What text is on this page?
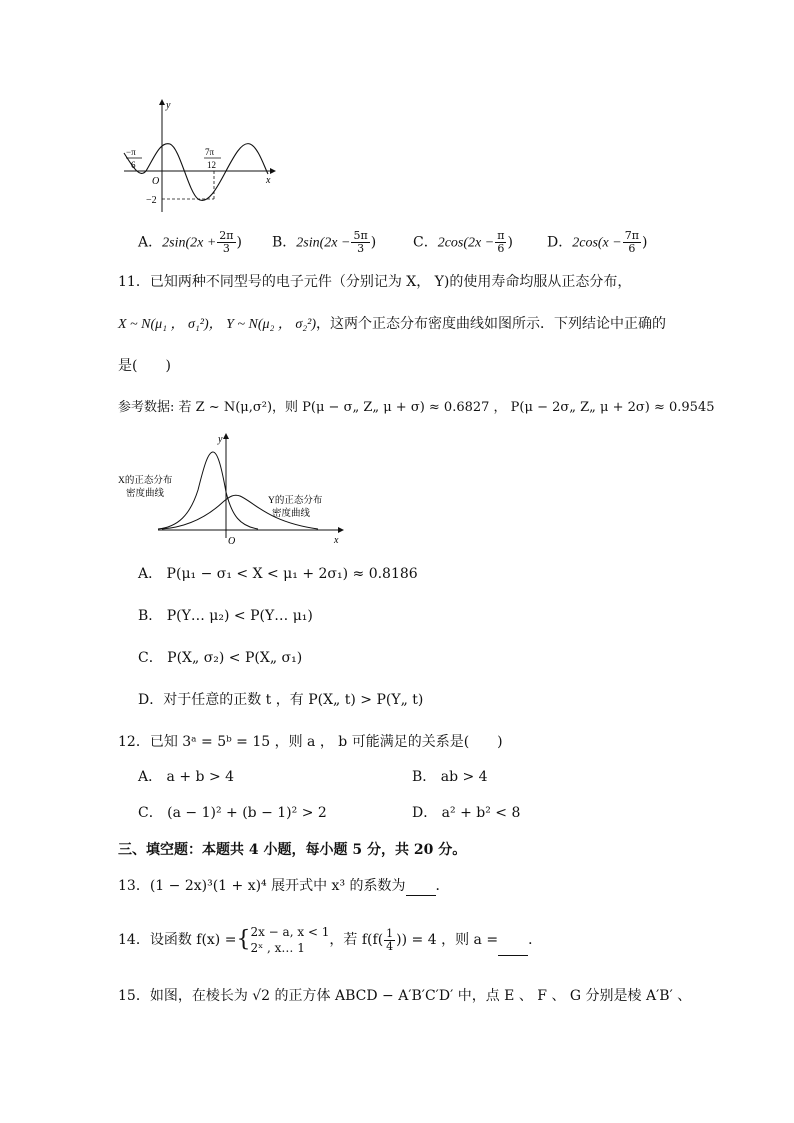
y
x
O
−π
6
7π
12
−2
A．$2\sin(2x + \frac{2\pi}{3}$ ) B．$2\sin(2x - \frac{5\pi}{3}$ )	C．$2\cos(2x - \frac{\pi}{6}$ ) D．$2\cos(x - \frac{7\pi}{6}$ )
11．已知两种不同型号的电子元件（分别记为 X， Y)的使用寿命均服从正态分布，
X ~ N(μ₁ ， σ₁²)， Y ~ N(μ₂ ， σ₂²)，这两个正态分布密度曲线如图所示．下列结论中正确的
是(　　)
参考数据: 若 Z ~ N(μ,σ²)，则 P(μ − σ„ Z„ μ + σ) ≈ 0.6827 ， P(μ − 2σ„ Z„ μ + 2σ) ≈ 0.9545
y
x
O
X的正态分布
密度曲线
Y的正态分布
密度曲线
A． P(μ₁ − σ₁ < X < μ₁ + 2σ₁) ≈ 0.8186
B． P(Y… μ₂) < P(Y… μ₁)
C． P(X„ σ₂) < P(X„ σ₁)
D．对于任意的正数 t ，有 P(X„ t) > P(Y„ t)
12．已知 3ᵃ = 5ᵇ = 15 ，则 a ， b 可能满足的关系是(　　)
A． a + b > 4	B． ab > 4
C． (a − 1)² + (b − 1)² > 2	D． a² + b² < 8
三、填空题：本题共 4 小题，每小题 5 分，共 20 分。
13．(1 − 2x)³(1 + x)⁴ 展开式中 x³ 的系数为 ．
14．设函数 f(x) ={ 2x − a, x < 1
2ˣ , x… 1	，若 $f(f( \frac{1}{4}$ )) = 4 ，则 a = ．
15．如图，在棱长为 √2 的正方体 ABCD − A′B′C′D′ 中，点 E 、 F 、 G 分别是棱 A′B′ 、
